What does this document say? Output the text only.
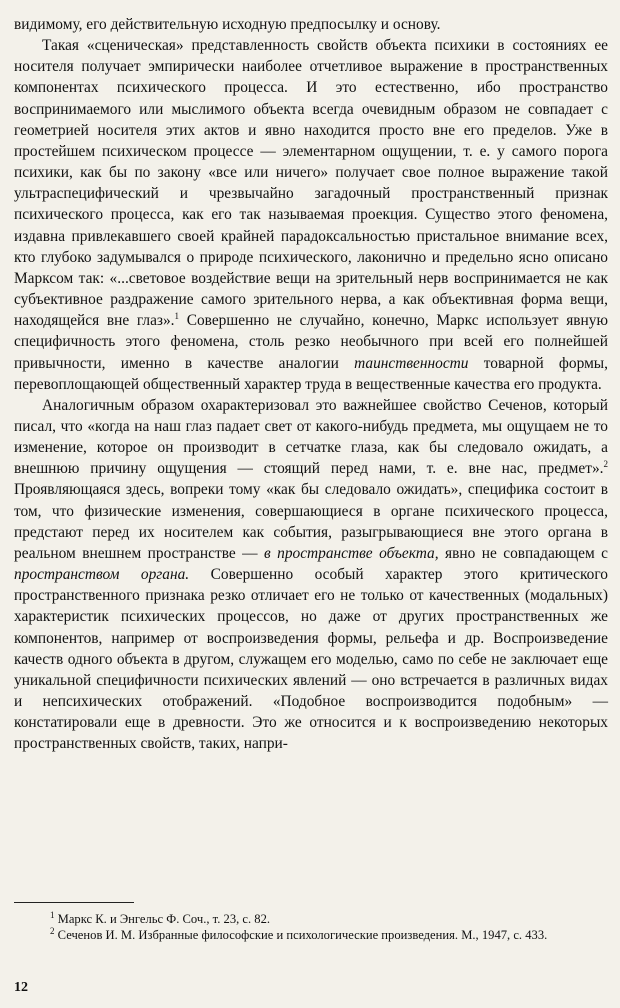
видимому, его действительную исходную предпосылку и основу.

Такая «сценическая» представленность свойств объекта психики в состояниях ее носителя получает эмпирически наиболее отчетливое выражение в пространственных компонентах психического процесса. И это естественно, ибо пространство воспринимаемого или мыслимого объекта всегда очевидным образом не совпадает с геометрией носителя этих актов и явно находится просто вне его пределов. Уже в простейшем психическом процессе — элементарном ощущении, т. е. у самого порога психики, как бы по закону «все или ничего» получает свое полное выражение такой ультраспецифический и чрезвычайно загадочный пространственный признак психического процесса, как его так называемая проекция. Существо этого феномена, издавна привлекавшего своей крайней парадоксальностью пристальное внимание всех, кто глубоко задумывался о природе психического, лаконично и предельно ясно описано Марксом так: «...световое воздействие вещи на зрительный нерв воспринимается не как субъективное раздражение самого зрительного нерва, а как объективная форма вещи, находящейся вне глаз».$^1$ Совершенно не случайно, конечно, Маркс использует явную специфичность этого феномена, столь резко необычного при всей его полнейшей привычности, именно в качестве аналогии таинственности товарной формы, перевоплощающей общественный характер труда в вещественные качества его продукта.

Аналогичным образом охарактеризовал это важнейшее свойство Сеченов, который писал, что «когда на наш глаз падает свет от какого-нибудь предмета, мы ощущаем не то изменение, которое он производит в сетчатке глаза, как бы следовало ожидать, а внешнюю причину ощущения — стоящий перед нами, т. е. вне нас, предмет».$^2$ Проявляющаяся здесь, вопреки тому «как бы следовало ожидать», специфика состоит в том, что физические изменения, совершающиеся в органе психического процесса, предстают перед их носителем как события, разыгрывающиеся вне этого органа в реальном внешнем пространстве — в пространстве объекта, явно не совпадающем с пространством органа. Совершенно особый характер этого критического пространственного признака резко отличает его не только от качественных (модальных) характеристик психических процессов, но даже от других пространственных же компонентов, например от воспроизведения формы, рельефа и др. Воспроизведение качеств одного объекта в другом, служащем его моделью, само по себе не заключает еще уникальной специфичности психических явлений — оно встречается в различных видах и непсихических отображений. «Подобное воспроизводится подобным» — констатировали еще в древности. Это же относится и к воспроизведению некоторых пространственных свойств, таких, напри-

$^1$ Маркс К. и Энгельс Ф. Соч., т. 23, с. 82.

$^2$ Сеченов И. М. Избранные философские и психологические произведения. М., 1947, с. 433.

12
